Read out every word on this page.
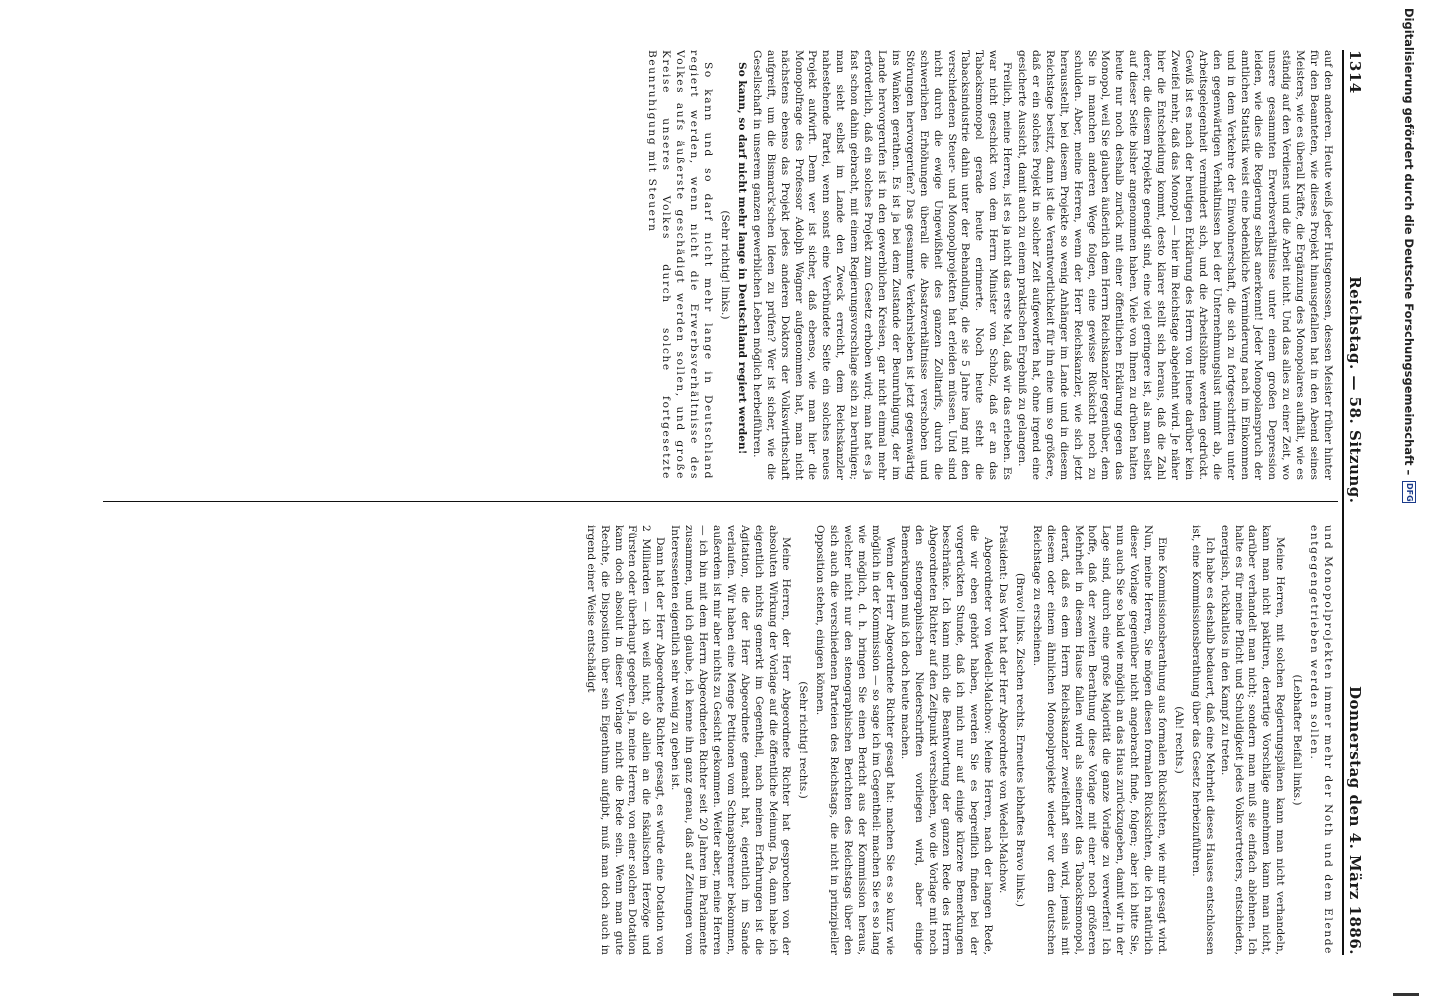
1314
Reichstag. — 58. Sitzung.
Donnerstag den 4. März 1886.

auf den anderen. Heute weiß jeder Hutsgenossen, dessen Meister früher hinter für den Beamteten, wie dieses Projekt hinausgefallen hat in den Abend seines Meisters, wie es überall Kräfte, die Ergänzung des Monopolares aufhält, wie es ständig auf den Verdienst und die Arbeit nicht. Und das alles zu einer Zeit, wo unsere gesammten Erwerbsverhältnisse unter einem großen Depression leiden, wie dies die Regierung selbst anerkennt! Jeder Monopolanspruch der amtlichen Statistik weist eine bedenkliche Verminderung nach im Einkommen und in dem Verkehre der Einwohnerschaft, die sich zu fortgeschritten unter den gegenwärtigen Verhältnissen bei der Unternehmungslust nimmt ab, die Arbeitsgelegenheit vermindert sich, und die Arbeitslöhne werden gedrückt. Gewiß ist es nach der heutigen Erklärung des Herrn von Huene darüber kein Zweifel mehr, daß das Monopol — hier im Reichstage abgelehnt wird. Je näher hier die Entscheidung kommt, desto klarer stellt sich heraus, daß die Zahl derer, die diesem Projekte geneigt sind, eine viel geringere ist, als man selbst auf dieser Seite bisher angenommen haben. Viele von Ihnen zu drüben halten heute nur noch deshalb zurück mit einer öffentlichen Erklärung gegen das Monopol, weil Sie glauben äußerlich dem Herrn Reichskanzler gegenüber, dem Sie in manchen anderen Wege folgen, eine gewisse Rücksicht noch zu schulden. Aber, meine Herren, wenn der Herr Reichskanzler, wie sich jetzt herausstellt, bei diesem Projekte so wenig Anhänger im Lande und in diesem Reichstage besitzt, dann ist die Verantwortlichkeit für ihn eine um so größere, daß er ein solches Projekt in solcher Zeit aufgeworfen hat, ohne irgend eine gesicherte Aussicht, damit auch zu einem praktischen Ergebniß zu gelangen.

Freilich, meine Herren, ist es ja nicht das erste Mal, daß wir das erleben. Es war nicht geschickt von dem Herrn Minister von Scholz, daß er an das Tabacksmonopol gerade heute erinnerte. Noch heute steht die Tabacksindustrie dahin unter der Behandlung, die sie 5 Jahre lang mit den verschiedenen Steuer- und Monopolprojekten hat erleiden müssen. Und sind nicht durch die ewige Ungewißheit des ganzen Zolltarifs, durch die schwerlichen Erhöhungen überall die Absatzverhältnisse verschoben und Störungen hervorgerufen? Das gesammte Verkehrsleben ist jetzt gegenwärtig ins Wanken gerathen. Es ist ja bei dem Zustande der Beunruhigung, der im Lande hervorgerufen ist in den gewerblichen Kreisen, gar nicht einmal mehr erforderlich, daß ein solches Projekt zum Gesetz erhoben wird; man hat es ja fast schon dahin gebracht, mit einem Regierungsvorschlage sich zu beruhigen; man sieht selbst im Lande den Zweck erreicht, dem Reichskanzler nahestehende Partei, wenn sonst eine Verbündete Seite ein solches neues Projekt aufwirft. Denn wer ist sicher, daß ebenso, wie man hier die Monopolfrage des Professor Adolph Wagner aufgenommen hat, man nicht nächstens ebenso das Projekt jedes anderen Doktors der Volkswirthschaft aufgreift, um die Bismarck'schen Ideen zu prüfen? Wer ist sicher, wie die Gesellschaft in unserem ganzen gewerblichen Leben möglich herbeiführen.

So kann, so darf nicht mehr lange in Deutschland regiert werden!

(Sehr richtig! links.)

So kann und so darf nicht mehr lange in Deutschland regiert werden, wenn nicht die Erwerbsverhältnisse des Volkes aufs äußerste geschädigt werden sollen, und große Kreise unseres Volkes durch solche fortgesetzte Beunruhigung mit Steuern

und Monopolprojekten immer mehr der Noth und dem Elende entgegengetrieben werden sollen.

(Lebhafter Beifall links.)

Meine Herren, mit solchen Regierungsplänen kann man nicht verhandeln, kann man nicht paktiren, derartige Vorschläge annehmen kann man nicht, darüber verhandelt man nicht; sondern man muß sie einfach ablehnen. Ich halte es für meine Pflicht und Schuldigkeit jedes Volksvertreters, entschieden, energisch, rückhaltlos in den Kampf zu treten.

Ich habe es deshalb bedauert, daß eine Mehrheit dieses Hauses entschlossen ist, eine Kommissionsberathung über das Gesetz herbeizuführen.

(Ah! rechts.)

Eine Kommissionsberathung aus formalen Rücksichten, wie mir gesagt wird. Nun, meine Herren, Sie mögen diesen formalen Rücksichten, die ich natürlich dieser Vorlage gegenüber nicht angebracht finde, folgen; aber ich bitte Sie, nun auch Sie so bald wie möglich an das Haus zurückzugeben, damit wir in der Lage sind, durch eine große Majorität die ganze Vorlage zu verwerfen! Ich hoffe, daß der zweiten Berathung diese Vorlage mit einer noch größeren Mehrheit in diesem Hause fallen wird als seinerzeit das Tabacksmonopol, derart, daß es dem Herrn Reichskanzler zweifelhaft sein wird, jemals mit diesem oder einem ähnlichen Monopolprojekte wieder vor dem deutschen Reichstage zu erscheinen.

(Bravo! links. Zischen rechts. Erneutes lebhaftes Bravo links.)

Präsident: Das Wort hat der Herr Abgeordnete von Wedell-Malchow.

Abgeordneter von Wedell-Malchow: Meine Herren, nach der langen Rede, die wir eben gehört haben, werden Sie es begreiflich finden bei der vorgerückten Stunde, daß ich mich nur auf einige kürzere Bemerkungen beschränke. Ich kann mich die Beantwortung der ganzen Rede des Herrn Abgeordneten Richter auf den Zeitpunkt verschieben, wo die Vorlage mit noch den stenographischen Niederschriften vorliegen wird, aber einige Bemerkungen muß ich doch heute machen.

Wenn der Herr Abgeordnete Richter gesagt hat: machen Sie es so kurz wie möglich in der Kommission — so sage ich im Gegentheil: machen Sie es so lang wie möglich, d. h. bringen Sie einen Bericht aus der Kommission heraus, welcher nicht nur den stenographischen Berichten des Reichstags über den sich auch die verschiedenen Parteien des Reichstags, die nicht in prinzipieller Opposition stehen, einigen können.

(Sehr richtig! rechts.)

Meine Herren, der Herr Abgeordnete Richter hat gesprochen von der absoluten Wirkung der Vorlage auf die öffentliche Meinung. Da, dann habe ich eigentlich nichts gemerkt im Gegentheil, nach meinen Erfahrungen ist die Agitation, die der Herr Abgeordnete gemacht hat, eigentlich im Sande verlaufen. Wir haben eine Menge Petitionen vom Schnapsbrenner bekommen, außerdem ist mir aber nichts zu Gesicht gekommen. Weiter aber, meine Herren — ich bin mit dem Herrn Abgeordneten Richter seit 20 Jahren im Parlamente zusammen, und ich glaube, ich kenne ihn ganz genau, daß auf Zeitungen vom Interessenten eigentlich sehr wenig zu geben ist.

Dann hat der Herr Abgeordnete Richter gesagt, es würde eine Dotation von 2 Milliarden — ich weiß nicht, ob allein an die fiskalischen Herzöge und Fürsten oder überhaupt gegeben. Ja, meine Herren, von einer solchen Dotation kann doch absolut in dieser Vorlage nicht die Rede sein. Wenn man gute Rechte, die Disposition über sein Eigenthum aufgibt, muß man doch auch in irgend einer Weise entschädigt

Digitalisierung gefördert durch die Deutsche Forschungsgemeinschaft –
DFG
